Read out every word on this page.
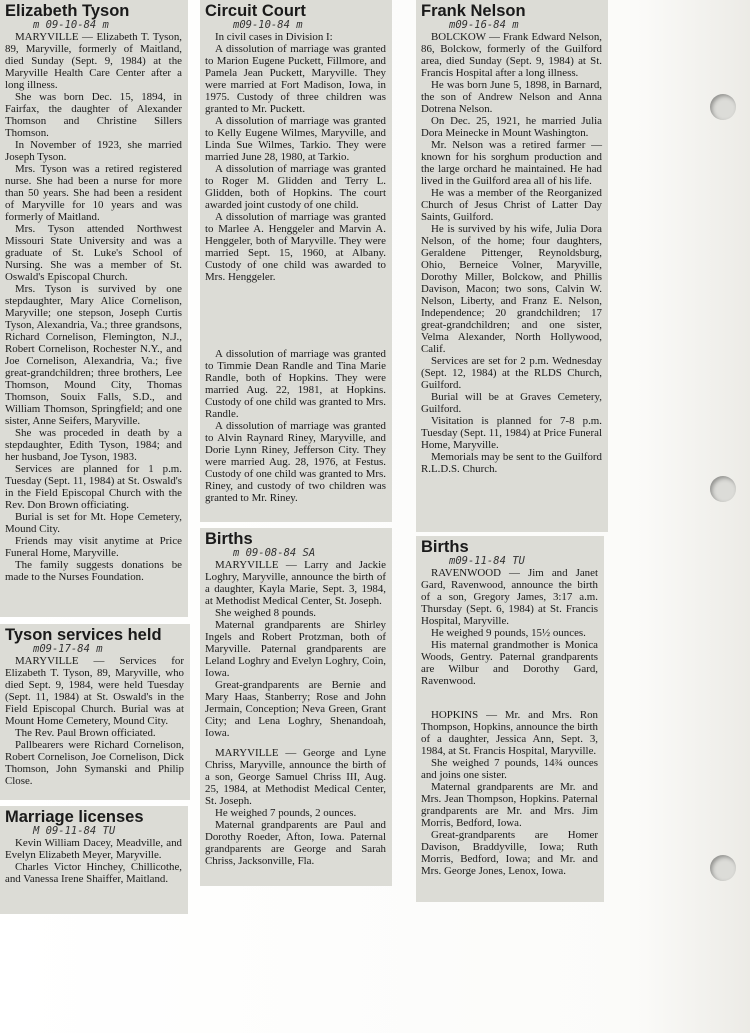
Elizabeth Tyson
m 09-10-84 m

MARYVILLE — Elizabeth T. Tyson, 89, Maryville, formerly of Maitland, died Sunday (Sept. 9, 1984) at the Maryville Health Care Center after a long illness.

She was born Dec. 15, 1894, in Fairfax, the daughter of Alexander Thomson and Christine Sillers Thomson.

In November of 1923, she married Joseph Tyson.

Mrs. Tyson was a retired registered nurse. She had been a nurse for more than 50 years. She had been a resident of Maryville for 10 years and was formerly of Maitland.

Mrs. Tyson attended Northwest Missouri State University and was a graduate of St. Luke's School of Nursing. She was a member of St. Oswald's Episcopal Church.

Mrs. Tyson is survived by one stepdaughter, Mary Alice Cornelison, Maryville; one stepson, Joseph Curtis Tyson, Alexandria, Va.; three grandsons, Richard Cornelison, Flemington, N.J., Robert Cornelison, Rochester N.Y., and Joe Cornelison, Alexandria, Va.; five great-grandchildren; three brothers, Lee Thomson, Mound City, Thomas Thomson, Souix Falls, S.D., and William Thomson, Springfield; and one sister, Anne Seifers, Maryville.

She was proceded in death by a stepdaughter, Edith Tyson, 1984; and her husband, Joe Tyson, 1983.

Services are planned for 1 p.m. Tuesday (Sept. 11, 1984) at St. Oswald's in the Field Episcopal Church with the Rev. Don Brown officiating.

Burial is set for Mt. Hope Cemetery, Mound City.

Friends may visit anytime at Price Funeral Home, Maryville.

The family suggests donations be made to the Nurses Foundation.

Tyson services held
m09-17-84 m

MARYVILLE — Services for Elizabeth T. Tyson, 89, Maryville, who died Sept. 9, 1984, were held Tuesday (Sept. 11, 1984) at St. Oswald's in the Field Episcopal Church. Burial was at Mount Home Cemetery, Mound City.

The Rev. Paul Brown officiated.

Pallbearers were Richard Cornelison, Robert Cornelison, Joe Cornelison, Dick Thomson, John Symanski and Philip Close.

Marriage licenses
M 09-11-84 TU

Kevin William Dacey, Meadville, and Evelyn Elizabeth Meyer, Maryville.

Charles Victor Hinchey, Chillicothe, and Vanessa Irene Shaiffer, Maitland.

Circuit Court
m09-10-84 m

In civil cases in Division I:

A dissolution of marriage was granted to Marion Eugene Puckett, Fillmore, and Pamela Jean Puckett, Maryville. They were married at Fort Madison, Iowa, in 1975. Custody of three children was granted to Mr. Puckett.

A dissolution of marriage was granted to Kelly Eugene Wilmes, Maryville, and Linda Sue Wilmes, Tarkio. They were married June 28, 1980, at Tarkio.

A dissolution of marriage was granted to Roger M. Glidden and Terry L. Glidden, both of Hopkins. The court awarded joint custody of one child.

A dissolution of marriage was granted to Marlee A. Henggeler and Marvin A. Henggeler, both of Maryville. They were married Sept. 15, 1960, at Albany. Custody of one child was awarded to Mrs. Henggeler.

A dissolution of marriage was granted to Timmie Dean Randle and Tina Marie Randle, both of Hopkins. They were married Aug. 22, 1981, at Hopkins. Custody of one child was granted to Mrs. Randle.

A dissolution of marriage was granted to Alvin Raynard Riney, Maryville, and Dorie Lynn Riney, Jefferson City. They were married Aug. 28, 1976, at Festus. Custody of one child was granted to Mrs. Riney, and custody of two children was granted to Mr. Riney.

Births
m 09-08-84 SA

MARYVILLE — Larry and Jackie Loghry, Maryville, announce the birth of a daughter, Kayla Marie, Sept. 3, 1984, at Methodist Medical Center, St. Joseph.

She weighed 8 pounds.

Maternal grandparents are Shirley Ingels and Robert Protzman, both of Maryville. Paternal grandparents are Leland Loghry and Evelyn Loghry, Coin, Iowa.

Great-grandparents are Bernie and Mary Haas, Stanberry; Rose and John Jermain, Conception; Neva Green, Grant City; and Lena Loghry, Shenandoah, Iowa.

MARYVILLE — George and Lyne Chriss, Maryville, announce the birth of a son, George Samuel Chriss III, Aug. 25, 1984, at Methodist Medical Center, St. Joseph.

He weighed 7 pounds, 2 ounces.

Maternal grandparents are Paul and Dorothy Roeder, Afton, Iowa. Paternal grandparents are George and Sarah Chriss, Jacksonville, Fla.

Frank Nelson
m09-16-84 m

BOLCKOW — Frank Edward Nelson, 86, Bolckow, formerly of the Guilford area, died Sunday (Sept. 9, 1984) at St. Francis Hospital after a long illness.

He was born June 5, 1898, in Barnard, the son of Andrew Nelson and Anna Dotrena Nelson.

On Dec. 25, 1921, he married Julia Dora Meinecke in Mount Washington.

Mr. Nelson was a retired farmer — known for his sorghum production and the large orchard he maintained. He had lived in the Guilford area all of his life.

He was a member of the Reorganized Church of Jesus Christ of Latter Day Saints, Guilford.

He is survived by his wife, Julia Dora Nelson, of the home; four daughters, Geraldene Pittenger, Reynoldsburg, Ohio, Berneice Volner, Maryville, Dorothy Miller, Bolckow, and Phillis Davison, Macon; two sons, Calvin W. Nelson, Liberty, and Franz E. Nelson, Independence; 20 grandchildren; 17 great-grandchildren; and one sister, Velma Alexander, North Hollywood, Calif.

Services are set for 2 p.m. Wednesday (Sept. 12, 1984) at the RLDS Church, Guilford.

Burial will be at Graves Cemetery, Guilford.

Visitation is planned for 7-8 p.m. Tuesday (Sept. 11, 1984) at Price Funeral Home, Maryville.

Memorials may be sent to the Guilford R.L.D.S. Church.

Births
m09-11-84 TU

RAVENWOOD — Jim and Janet Gard, Ravenwood, announce the birth of a son, Gregory James, 3:17 a.m. Thursday (Sept. 6, 1984) at St. Francis Hospital, Maryville.

He weighed 9 pounds, 15½ ounces.

His maternal grandmother is Monica Woods, Gentry. Paternal grandparents are Wilbur and Dorothy Gard, Ravenwood.

HOPKINS — Mr. and Mrs. Ron Thompson, Hopkins, announce the birth of a daughter, Jessica Ann, Sept. 3, 1984, at St. Francis Hospital, Maryville.

She weighed 7 pounds, 14¾ ounces and joins one sister.

Maternal grandparents are Mr. and Mrs. Jean Thompson, Hopkins. Paternal grandparents are Mr. and Mrs. Jim Morris, Bedford, Iowa.

Great-grandparents are Homer Davison, Braddyville, Iowa; Ruth Morris, Bedford, Iowa; and Mr. and Mrs. George Jones, Lenox, Iowa.
